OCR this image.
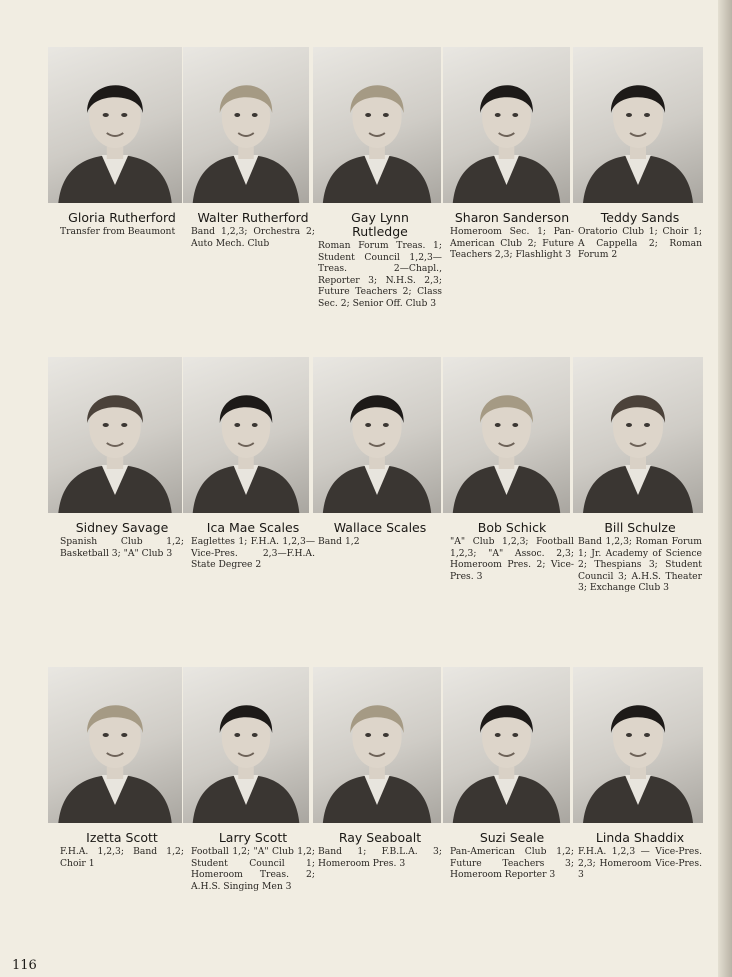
Gloria Rutherford

Transfer from Beaumont

Walter Rutherford

Band 1,2,3; Orchestra 2; Auto Mech. Club

Gay Lynn
Rutledge

Roman Forum Treas. 1; Student Council 1,2,3—Treas. 2—Chapl., Reporter 3; N.H.S. 2,3; Future Teachers 2; Class Sec. 2; Senior Off. Club 3

Sharon Sanderson

Homeroom Sec. 1; Pan-American Club 2; Future Teachers 2,3; Flashlight 3

Teddy Sands

Oratorio Club 1; Choir 1; A Cappella 2; Roman Forum 2

Sidney Savage

Spanish Club 1,2; Basketball 3; "A" Club 3

Ica Mae Scales

Eaglettes 1; F.H.A. 1,2,3—Vice-Pres. 2,3—F.H.A. State Degree 2

Wallace Scales

Band 1,2

Bob Schick

"A" Club 1,2,3; Football 1,2,3; "A" Assoc. 2,3; Homeroom Pres. 2; Vice-Pres. 3

Bill Schulze

Band 1,2,3; Roman Forum 1; Jr. Academy of Science 2; Thespians 3; Student Council 3; A.H.S. Theater 3; Exchange Club 3

Izetta Scott

F.H.A. 1,2,3; Band 1,2; Choir 1

Larry Scott

Football 1,2; "A" Club 1,2; Student Council 1; Homeroom Treas. 2; A.H.S. Singing Men 3

Ray Seaboalt

Band 1; F.B.L.A. 3; Homeroom Pres. 3

Suzi Seale

Pan-American Club 1,2; Future Teachers 3; Homeroom Reporter 3

Linda Shaddix

F.H.A. 1,2,3 — Vice-Pres. 2,3; Homeroom Vice-Pres. 3

116
